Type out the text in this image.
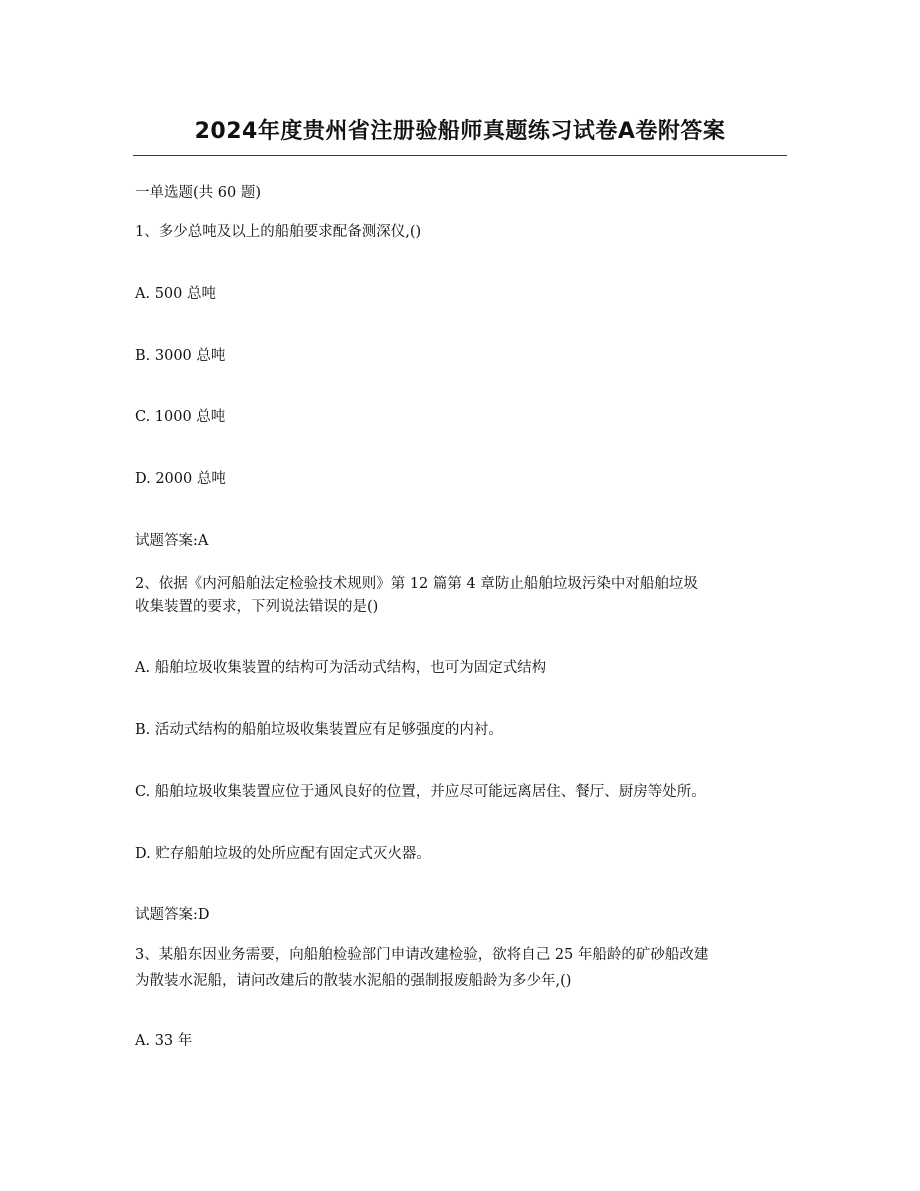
2024年度贵州省注册验船师真题练习试卷A卷附答案
一单选题(共 60 题)
1、多少总吨及以上的船舶要求配备测深仪,()
A. 500 总吨
B. 3000 总吨
C. 1000 总吨
D. 2000 总吨
试题答案:A
2、依据《内河船舶法定检验技术规则》第 12 篇第 4 章防止船舶垃圾污染中对船舶垃圾
收集装置的要求，下列说法错误的是()
A. 船舶垃圾收集装置的结构可为活动式结构，也可为固定式结构
B. 活动式结构的船舶垃圾收集装置应有足够强度的内衬。
C. 船舶垃圾收集装置应位于通风良好的位置，并应尽可能远离居住、餐厅、厨房等处所。
D. 贮存船舶垃圾的处所应配有固定式灭火器。
试题答案:D
3、某船东因业务需要，向船舶检验部门申请改建检验，欲将自己 25 年船龄的矿砂船改建
为散装水泥船，请问改建后的散装水泥船的强制报废船龄为多少年,()
A. 33 年
